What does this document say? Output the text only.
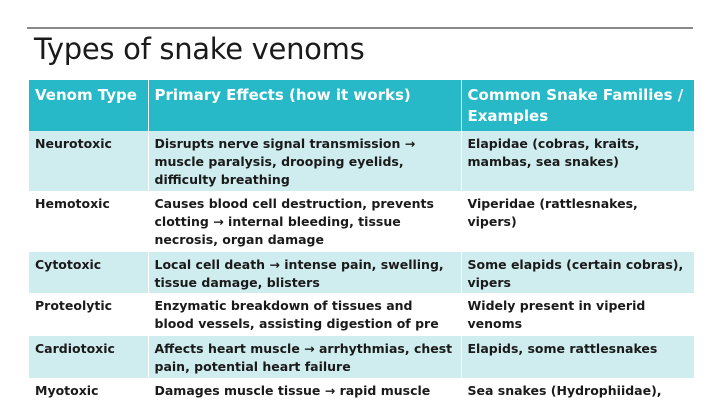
Types of snake venoms
Venom Type	Primary Effects (how it works)	Common Snake Families / Examples
Neurotoxic	Disrupts nerve signal transmission → muscle paralysis, drooping eyelids, difficulty breathing	Elapidae (cobras, kraits, mambas, sea snakes)
Hemotoxic	Causes blood cell destruction, prevents clotting → internal bleeding, tissue necrosis, organ damage	Viperidae (rattlesnakes, vipers)
Cytotoxic	Local cell death → intense pain, swelling, tissue damage, blisters	Some elapids (certain cobras), vipers
Proteolytic	Enzymatic breakdown of tissues and blood vessels, assisting digestion of pre	Widely present in viperid venoms
Cardiotoxic	Affects heart muscle → arrhythmias, chest pain, potential heart failure	Elapids, some rattlesnakes
Myotoxic	Damages muscle tissue → rapid muscle	Sea snakes (Hydrophiidae),
